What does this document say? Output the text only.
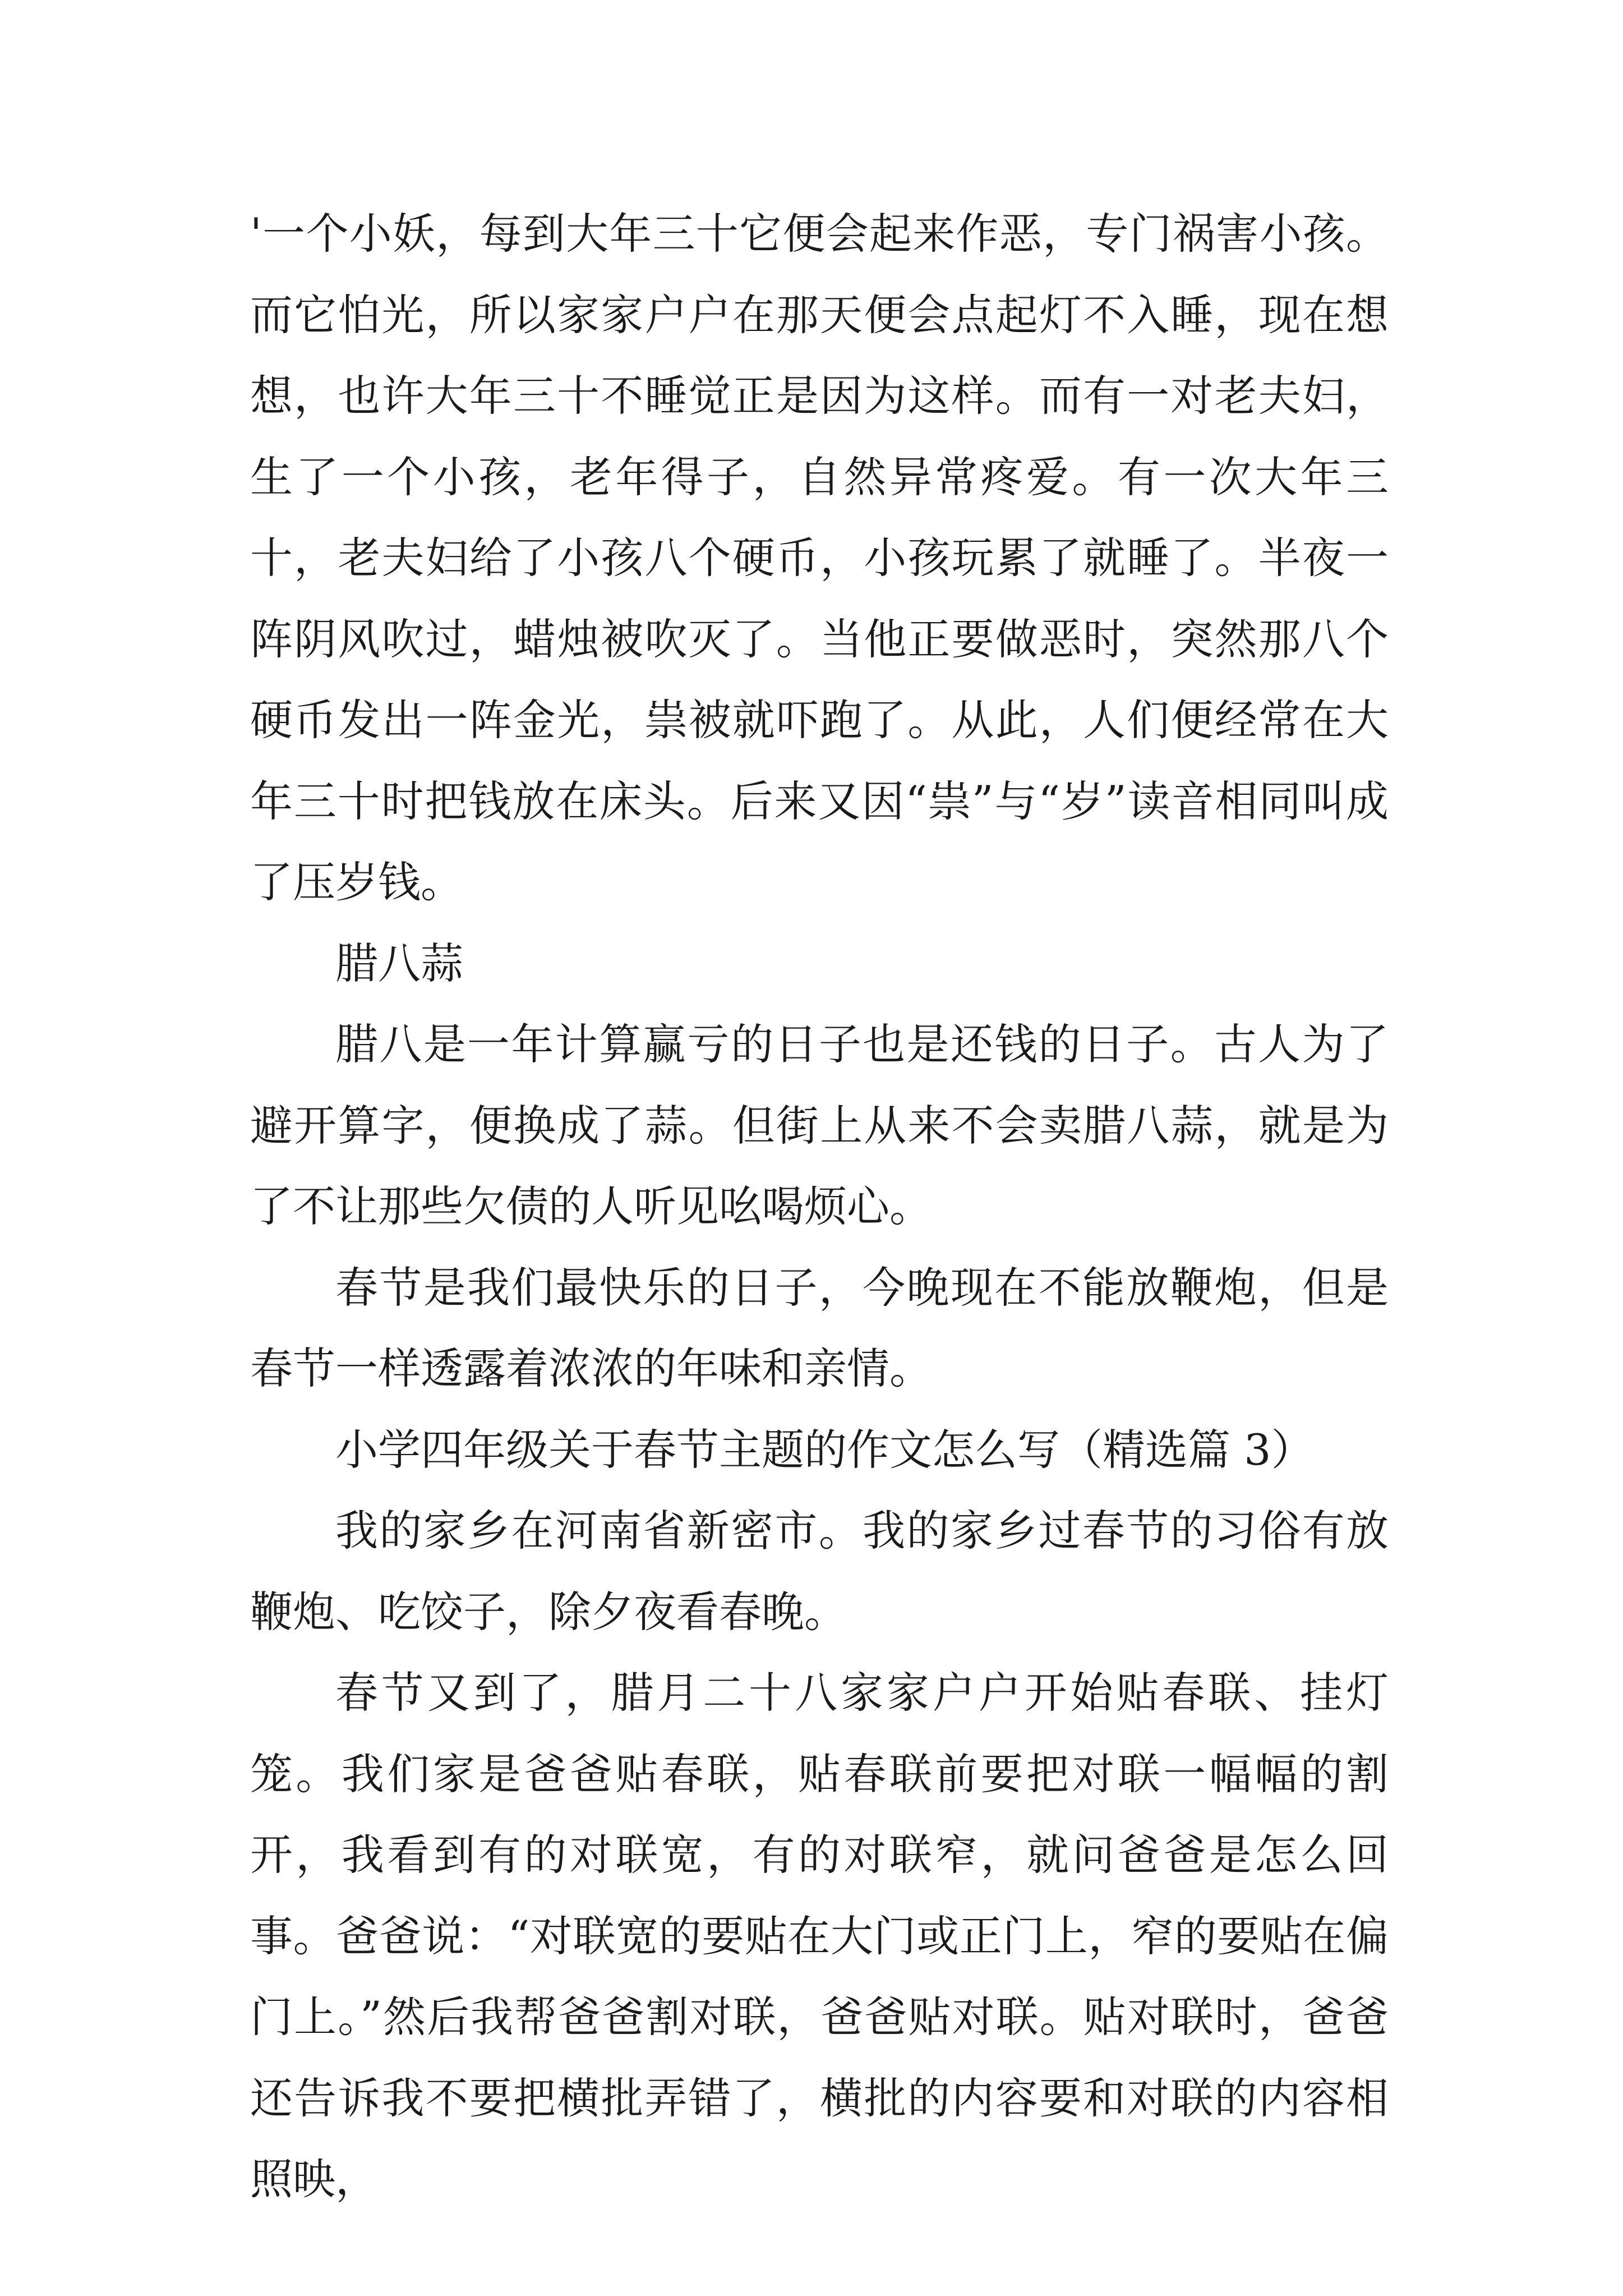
'一个小妖，每到大年三十它便会起来作恶，专门祸害小孩。而它怕光，所以家家户户在那天便会点起灯不入睡，现在想想，也许大年三十不睡觉正是因为这样。而有一对老夫妇，生了一个小孩，老年得子，自然异常疼爱。有一次大年三十，老夫妇给了小孩八个硬币，小孩玩累了就睡了。半夜一阵阴风吹过，蜡烛被吹灭了。当他正要做恶时，突然那八个硬币发出一阵金光，祟被就吓跑了。从此，人们便经常在大年三十时把钱放在床头。后来又因“祟”与“岁”读音相同叫成了压岁钱。

腊八蒜

腊八是一年计算赢亏的日子也是还钱的日子。古人为了避开算字，便换成了蒜。但街上从来不会卖腊八蒜，就是为了不让那些欠债的人听见吆喝烦心。

春节是我们最快乐的日子，今晚现在不能放鞭炮，但是春节一样透露着浓浓的年味和亲情。

小学四年级关于春节主题的作文怎么写（精选篇 3）

我的家乡在河南省新密市。我的家乡过春节的习俗有放鞭炮、吃饺子，除夕夜看春晚。

春节又到了，腊月二十八家家户户开始贴春联、挂灯笼。我们家是爸爸贴春联，贴春联前要把对联一幅幅的割开，我看到有的对联宽，有的对联窄，就问爸爸是怎么回事。爸爸说：“对联宽的要贴在大门或正门上，窄的要贴在偏门上。”然后我帮爸爸割对联，爸爸贴对联。贴对联时，爸爸还告诉我不要把横批弄错了，横批的内容要和对联的内容相照映，
